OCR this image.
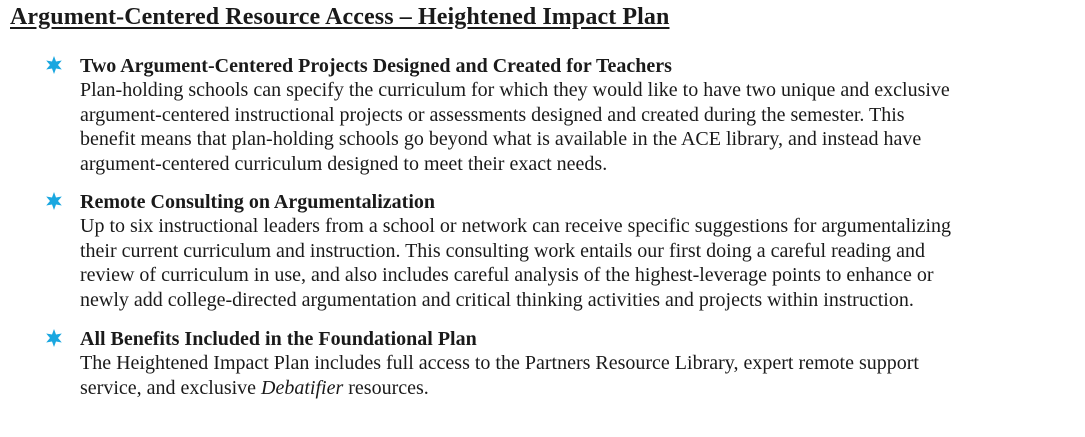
Argument-Centered Resource Access – Heightened Impact Plan
Two Argument-Centered Projects Designed and Created for Teachers
Plan-holding schools can specify the curriculum for which they would like to have two unique and exclusive
argument-centered instructional projects or assessments designed and created during the semester. This
benefit means that plan-holding schools go beyond what is available in the ACE library, and instead have
argument-centered curriculum designed to meet their exact needs.
Remote Consulting on Argumentalization
Up to six instructional leaders from a school or network can receive specific suggestions for argumentalizing
their current curriculum and instruction. This consulting work entails our first doing a careful reading and
review of curriculum in use, and also includes careful analysis of the highest-leverage points to enhance or
newly add college-directed argumentation and critical thinking activities and projects within instruction.
All Benefits Included in the Foundational Plan
The Heightened Impact Plan includes full access to the Partners Resource Library, expert remote support
service, and exclusive Debatifier resources.
